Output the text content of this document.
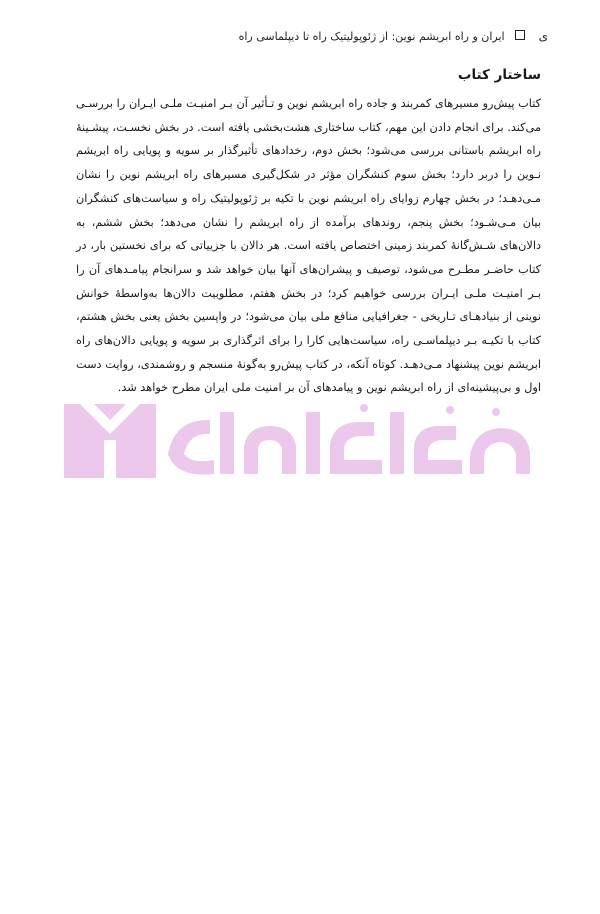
ی
ایران و راه ابریشم نوین: از ژئوپولیتیک راه تا دیپلماسی راه
ساختار کتاب

کتاب پیش‌رو مسیرهای کمربند و جاده راه ابریشم نوین و تـأثیر آن بـر امنیـت ملـی ایـران را بررسـی می‌کند. برای انجام دادن این مهم، کتاب ساختاری هشت‌بخشی یافته است. در بخش نخسـت، پیشـینۀ راه ابریشم باستانی بررسی می‌شود؛ بخش دوم، رخدادهای تأثیرگذار بر سویه و پویایی راه ابریشم نـوین را دربر دارد؛ بخش سوم کنشگران مؤثر در شکل‌گیری مسیرهای راه ابریشم نوین را نشان مـی‌دهـد؛ در بخش چهارم زوایای راه ابریشم نوین با تکیه بر ژئوپولیتیک راه و سیاست‌های کنشگران بیان مـی‌شـود؛ بخش پنجم، روندهای برآمده از راه ابریشم را نشان می‌دهد؛ بخش ششم، به دالان‌های شـش‌گانۀ کمربند زمینی اختصاص یافته است. هر دالان با جزییاتی که برای نخستین بار، در کتاب حاضـر مطـرح می‌شود، توصیف و پیشران‌های آنها بیان خواهد شد و سرانجام پیامـدهای آن را بـر امنیـت ملـی ایـران بررسی خواهیم کرد؛ در بخش هفتم، مطلوبیت دالان‌ها به‌واسطۀ خوانش نوینی از بنیادهـای تـاریخی - جغرافیایی منافع ملی بیان می‌شود؛ در واپسین بخش یعنی بخش هشتم، کتاب با تکیـه بـر دیپلماسـی راه، سیاست‌هایی کارا را برای اثرگذاری بر سویه و پویایی دالان‌های راه ابریشم نوین پیشنهاد مـی‌دهـد. کوتاه آنکه، در کتاب پیش‌رو به‌گونۀ منسجم و روشمندی، روایت دست اول و بی‌پیشینه‌ای از راه ابریشم نوین و پیامدهای آن بر امنیت ملی ایران مطرح خواهد شد.
